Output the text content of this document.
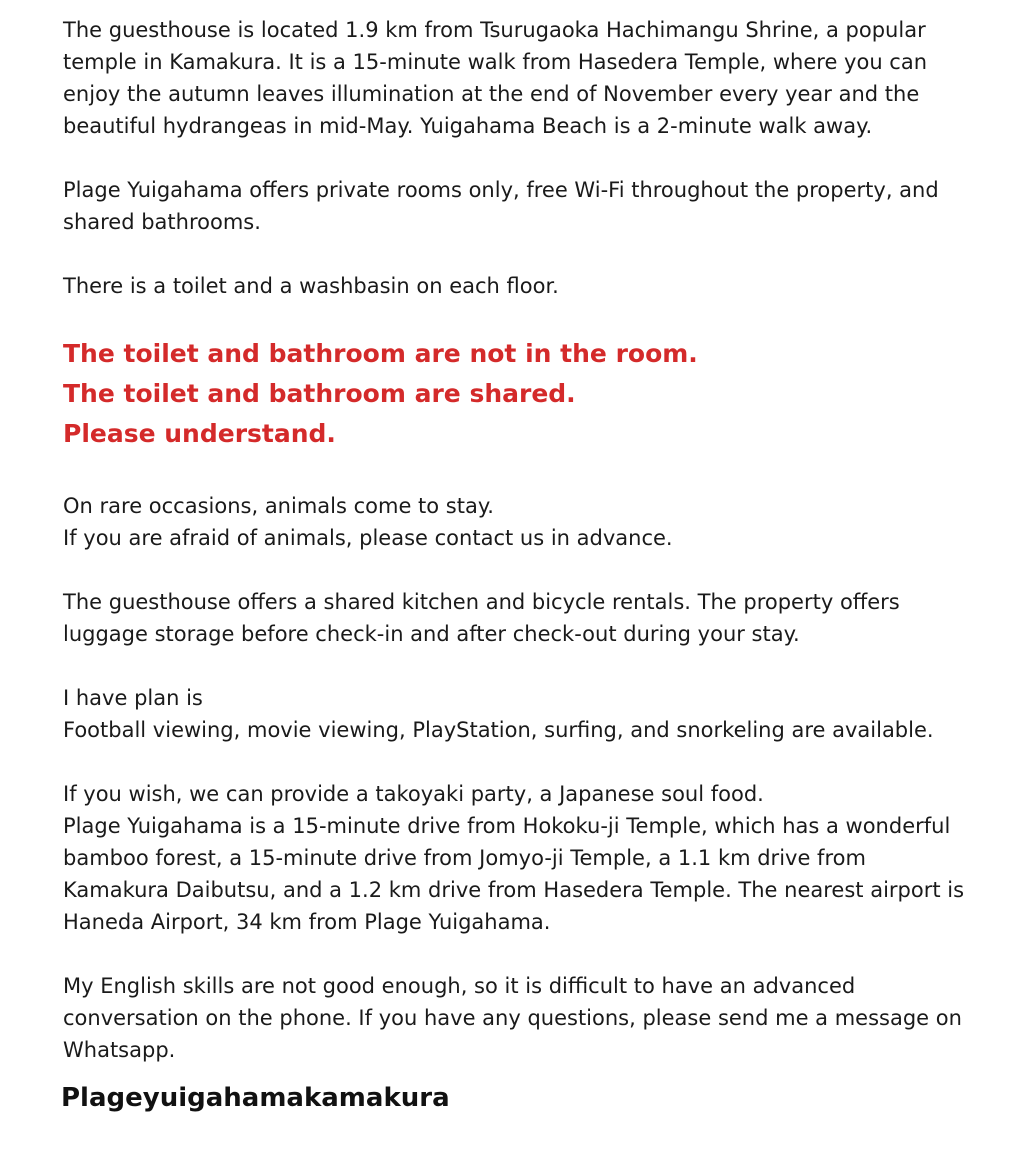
The guesthouse is located 1.9 km from Tsurugaoka Hachimangu Shrine, a popular
temple in Kamakura. It is a 15-minute walk from Hasedera Temple, where you can
enjoy the autumn leaves illumination at the end of November every year and the
beautiful hydrangeas in mid-May. Yuigahama Beach is a 2-minute walk away.

Plage Yuigahama offers private rooms only, free Wi-Fi throughout the property, and
shared bathrooms.

There is a toilet and a washbasin on each floor.

The toilet and bathroom are not in the room.
The toilet and bathroom are shared.
Please understand.

On rare occasions, animals come to stay.
If you are afraid of animals, please contact us in advance.

The guesthouse offers a shared kitchen and bicycle rentals. The property offers
luggage storage before check-in and after check-out during your stay.

I have plan is
Football viewing, movie viewing, PlayStation, surfing, and snorkeling are available.

If you wish, we can provide a takoyaki party, a Japanese soul food.
Plage Yuigahama is a 15-minute drive from Hokoku-ji Temple, which has a wonderful
bamboo forest, a 15-minute drive from Jomyo-ji Temple, a 1.1 km drive from
Kamakura Daibutsu, and a 1.2 km drive from Hasedera Temple. The nearest airport is
Haneda Airport, 34 km from Plage Yuigahama.

My English skills are not good enough, so it is difficult to have an advanced
conversation on the phone. If you have any questions, please send me a message on
Whatsapp.

Plageyuigahamakamakura
